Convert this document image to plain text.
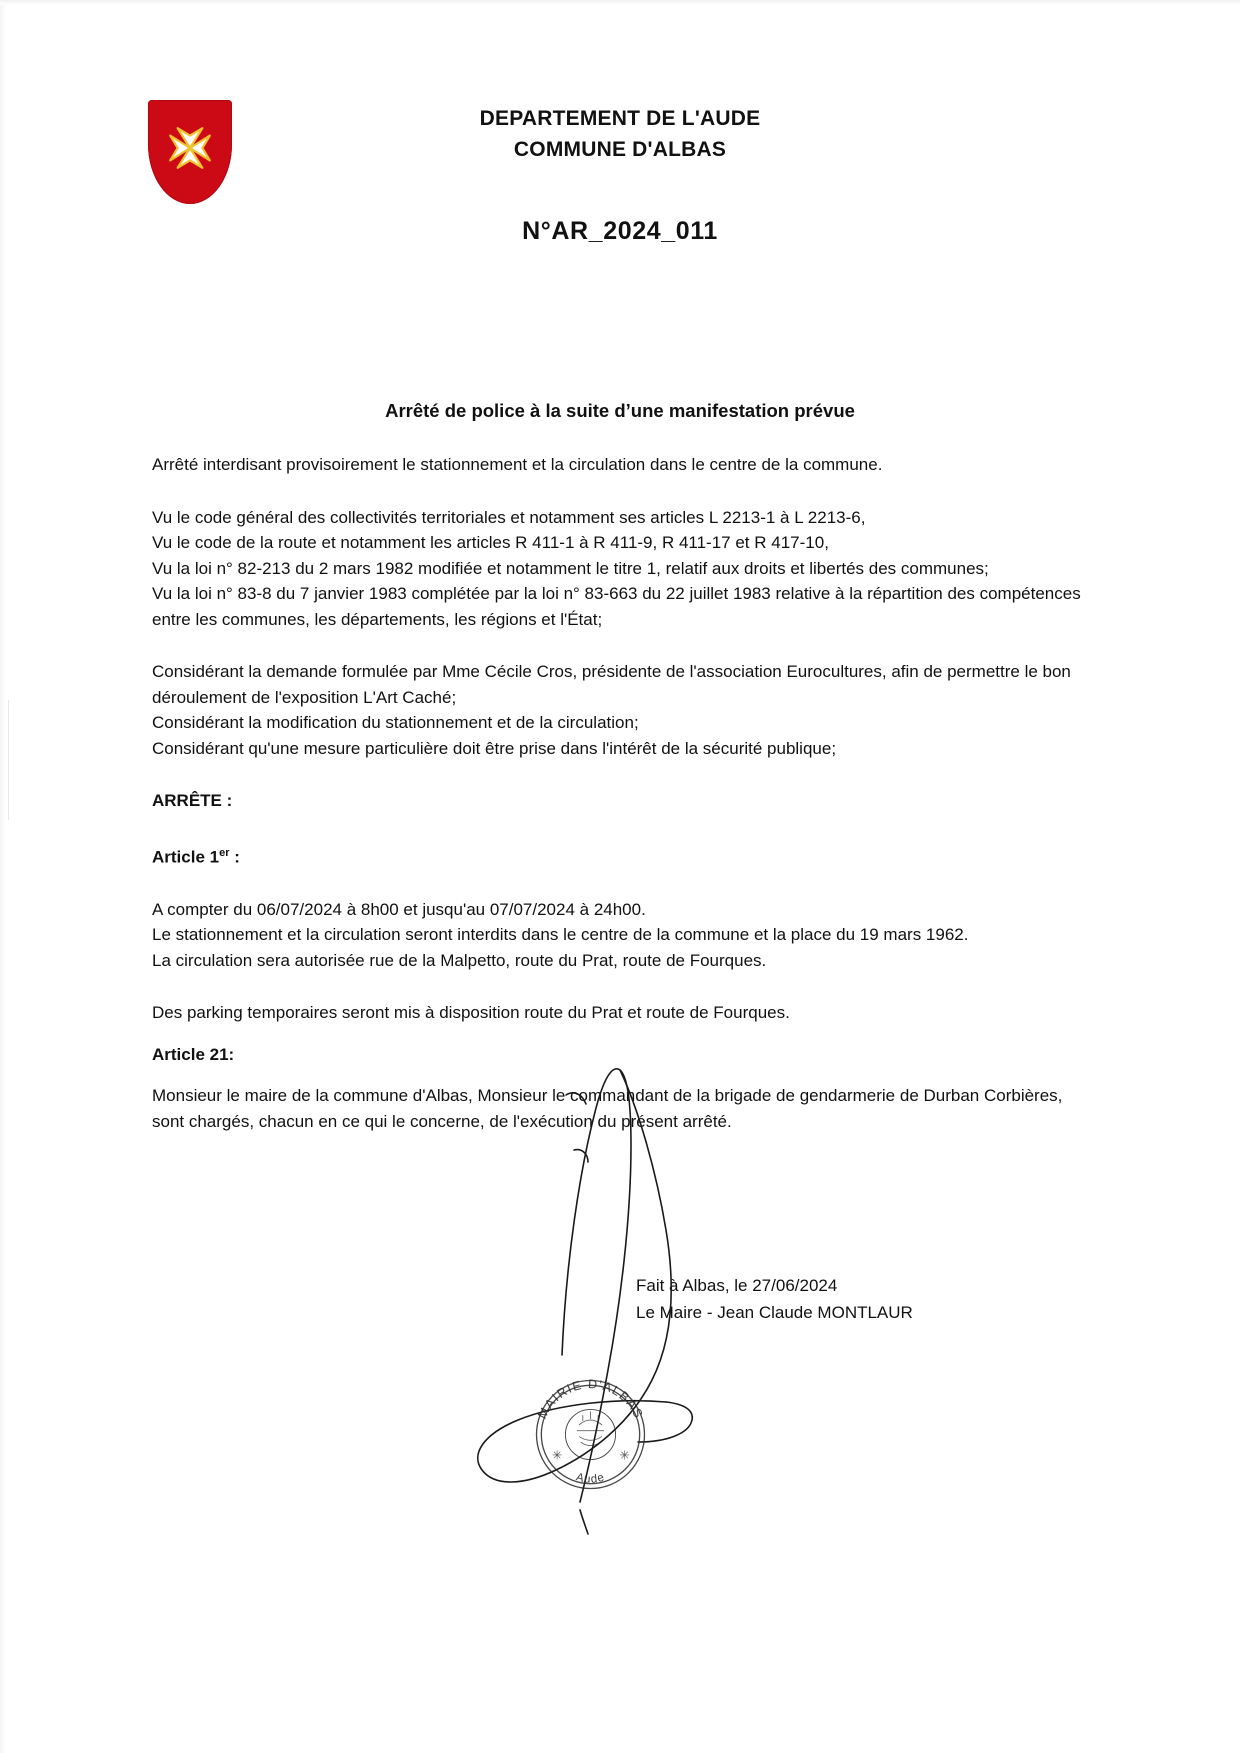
DEPARTEMENT DE L'AUDE
COMMUNE D'ALBAS
N°AR_2024_011
Arrêté de police à la suite d’une manifestation prévue

Arrêté interdisant provisoirement le stationnement et la circulation dans le centre de la commune.

Vu le code général des collectivités territoriales et notamment ses articles L 2213-1 à L 2213-6,

Vu le code de la route et notamment les articles R 411-1 à R 411-9, R 411-17 et R 417-10,

Vu la loi n° 82-213 du 2 mars 1982 modifiée et notamment le titre 1, relatif aux droits et libertés des communes;

Vu la loi n° 83-8 du 7 janvier 1983 complétée par la loi n° 83-663 du 22 juillet 1983 relative à la répartition des compétences entre les communes, les départements, les régions et l'État;

Considérant la demande formulée par Mme Cécile Cros, présidente de l'association Eurocultures, afin de permettre le bon déroulement de l'exposition L'Art Caché;

Considérant la modification du stationnement et de la circulation;

Considérant qu'une mesure particulière doit être prise dans l'intérêt de la sécurité publique;

ARRÊTE :

Article 1er :

A compter du 06/07/2024 à 8h00 et jusqu'au 07/07/2024 à 24h00.

Le stationnement et la circulation seront interdits dans le centre de la commune et la place du 19 mars 1962.

La circulation sera autorisée rue de la Malpetto, route du Prat, route de Fourques.

Des parking temporaires seront mis à disposition route du Prat et route de Fourques.

Article 21:

Monsieur le maire de la commune d'Albas, Monsieur le commandant de la brigade de gendarmerie de Durban Corbières, sont chargés, chacun en ce qui le concerne, de l'exécution du présent arrêté.

Fait à Albas, le 27/06/2024
Le Maire - Jean Claude MONTLAUR
MAIRIE D'ALBAS
Aude
✳	✳
